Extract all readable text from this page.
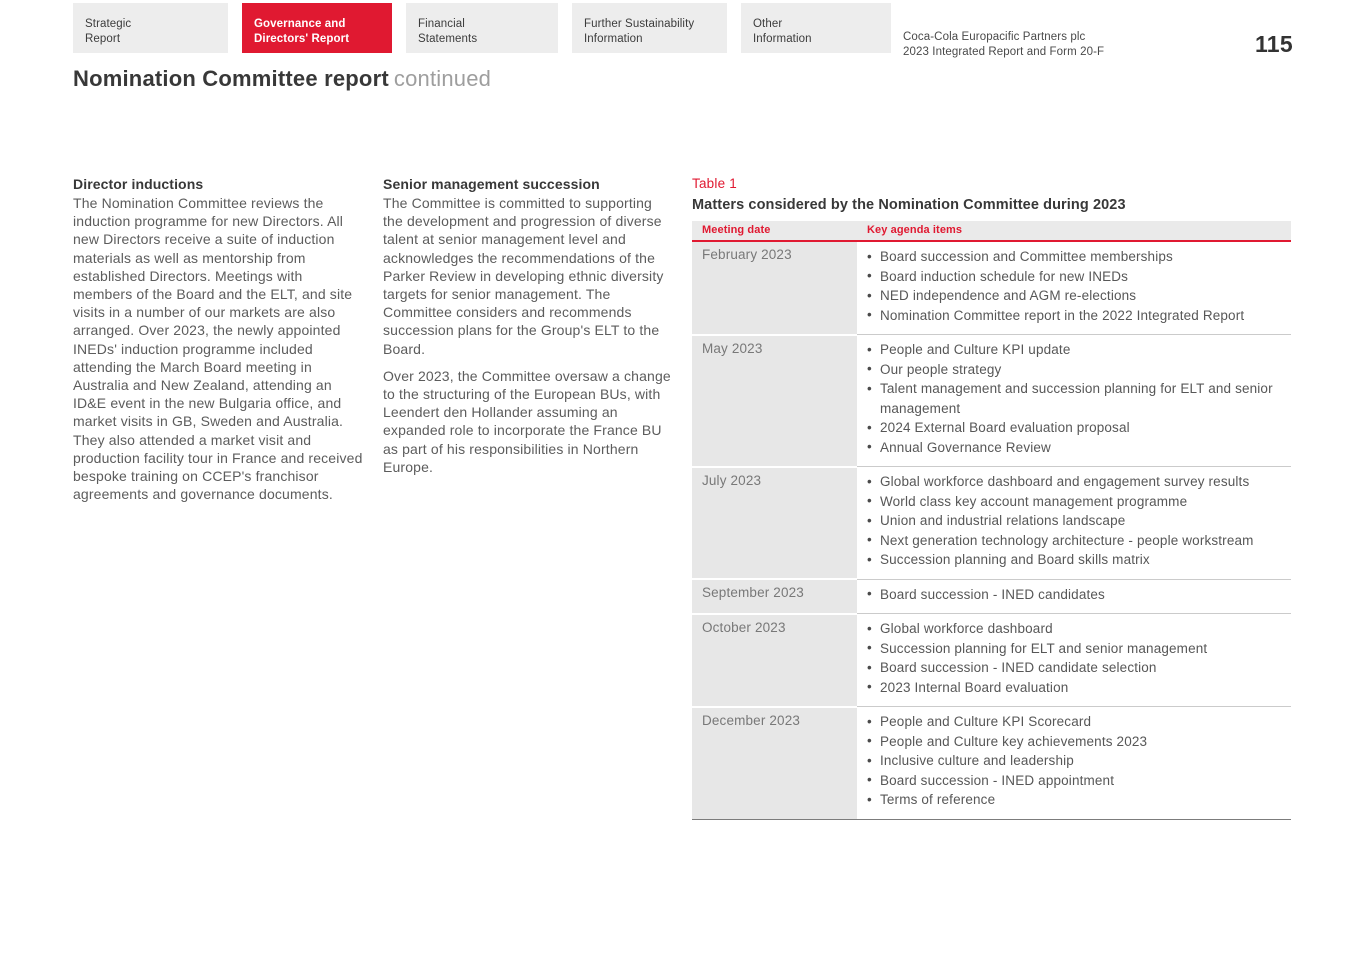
Strategic
Report
Governance and
Directors' Report
Financial
Statements
Further Sustainability
Information
Other
Information	Coca-Cola Europacific Partners plc
2023 Integrated Report and Form 20-F	115
Nomination Committee report continued
Director inductions

The Nomination Committee reviews the induction programme for new Directors. All new Directors receive a suite of induction materials as well as mentorship from established Directors. Meetings with members of the Board and the ELT, and site visits in a number of our markets are also arranged. Over 2023, the newly appointed INEDs' induction programme included attending the March Board meeting in Australia and New Zealand, attending an ID&E event in the new Bulgaria office, and market visits in GB, Sweden and Australia. They also attended a market visit and production facility tour in France and received bespoke training on CCEP's franchisor agreements and governance documents.

Senior management succession

The Committee is committed to supporting the development and progression of diverse talent at senior management level and acknowledges the recommendations of the Parker Review in developing ethnic diversity targets for senior management. The Committee considers and recommends succession plans for the Group's ELT to the Board.

Over 2023, the Committee oversaw a change to the structuring of the European BUs, with Leendert den Hollander assuming an expanded role to incorporate the France BU as part of his responsibilities in Northern Europe.

Table 1
Matters considered by the Nomination Committee during 2023
Meeting date	Key agenda items
February 2023	
•Board succession and Committee memberships
• Board induction schedule for new INEDs
• NED independence and AGM re-elections
• Nomination Committee report in the 2022 Integrated Report

May 2023	
•People and Culture KPI update
• Our people strategy
• Talent management and succession planning for ELT and senior management
• 2024 External Board evaluation proposal
• Annual Governance Review

July 2023	
•Global workforce dashboard and engagement survey results
• World class key account management programme
• Union and industrial relations landscape
• Next generation technology architecture - people workstream
• Succession planning and Board skills matrix

September 2023	
•Board succession - INED candidates

October 2023	
•Global workforce dashboard
• Succession planning for ELT and senior management
• Board succession - INED candidate selection
• 2023 Internal Board evaluation

December 2023	
•People and Culture KPI Scorecard
• People and Culture key achievements 2023
• Inclusive culture and leadership
• Board succession - INED appointment
• Terms of reference
